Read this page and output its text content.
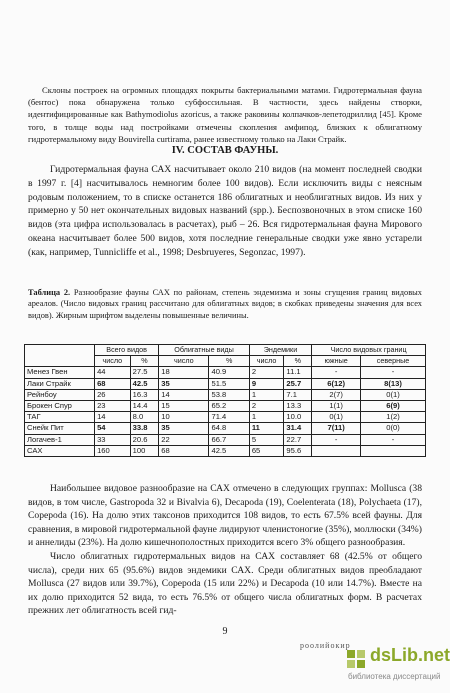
Склоны построек на огромных площадях покрыты бактериальными матами. Гидротермальная фауна (бентос) пока обнаружена только субфоссильная. В частности, здесь найдены створки, идентифицированные как Bathymodiolus azoricus, а также раковины колпачков-лепетодриллид [45]. Кроме того, в толще воды над постройками отмечены скопления амфипод, близких к облигатному гидротермальному виду Bouvirella curtirama, ранее известному только на Лаки Страйк.

IV. СОСТАВ ФАУНЫ.

Гидротермальная фауна САХ насчитывает около 210 видов (на момент последней сводки в 1997 г. [4] насчитывалось немногим более 100 видов). Если исключить виды с неясным родовым положением, то в списке останется 186 облигатных и необлигатных видов. Из них у примерно у 50 нет окончательных видовых названий (spp.). Беспозвоночных в этом списке 160 видов (эта цифра использовалась в расчетах), рыб – 26. Вся гидротермальная фауна Мирового океана насчитывает более 500 видов, хотя последние генеральные сводки уже явно устарели (как, например, Tunnicliffe et al., 1998; Desbruyeres, Segonzac, 1997).

Таблица 2. Разнообразие фауны САХ по районам, степень эндемизма и зоны сгущения границ видовых ареалов. (Число видовых границ рассчитано для облигатных видов; в скобках приведены значения для всех видов). Жирным шрифтом выделены повышенные величины.
	Всего видов		Облигатные виды		Эндемики		Число видовых границ	
	число	%	число	%	число	%	южные	северные
Менез Гвен	44	27.5	18	40.9	2	11.1	-	-
Лаки Страйк	68	42.5	35	51.5	9	25.7	6(12)	8(13)
Рейнбоу	26	16.3	14	53.8	1	7.1	2(7)	0(1)
Брокен Спур	23	14.4	15	65.2	2	13.3	1(1)	6(9)
ТАГ	14	8.0	10	71.4	1	10.0	0(1)	1(2)
Снейк Пит	54	33.8	35	64.8	11	31.4	7(11)	0(0)
Логачев-1	33	20.6	22	66.7	5	22.7	-	-
САХ	160	100	68	42.5	65	95.6		

Наибольшее видовое разнообразие на САХ отмечено в следующих группах: Mollusca (38 видов, в том числе, Gastropoda 32 и Bivalvia 6), Decapoda (19), Coelenterata (18), Polychaeta (17), Copepoda (16). На долю этих таксонов приходится 108 видов, то есть 67.5% всей фауны. Для сравнения, в мировой гидротермальной фауне лидируют членистоногие (35%), моллюски (34%) и аннелиды (23%). На долю кишечнополостных приходится всего 3% общего разнообразия.

Число облигатных гидротермальных видов на САХ составляет 68 (42.5% от общего числа), среди них 65 (95.6%) видов эндемики САХ. Среди облигатных видов преобладают Mollusca (27 видов или 39.7%), Copepoda (15 или 22%) и Decapoda (10 или 14.7%). Вместе на их долю приходится 52 вида, то есть 76.5% от общего числа облигатных форм. В расчетах прежних лет облигатность всей гид-

9
роолийокир dsLib.net
библиотека диссертаций
